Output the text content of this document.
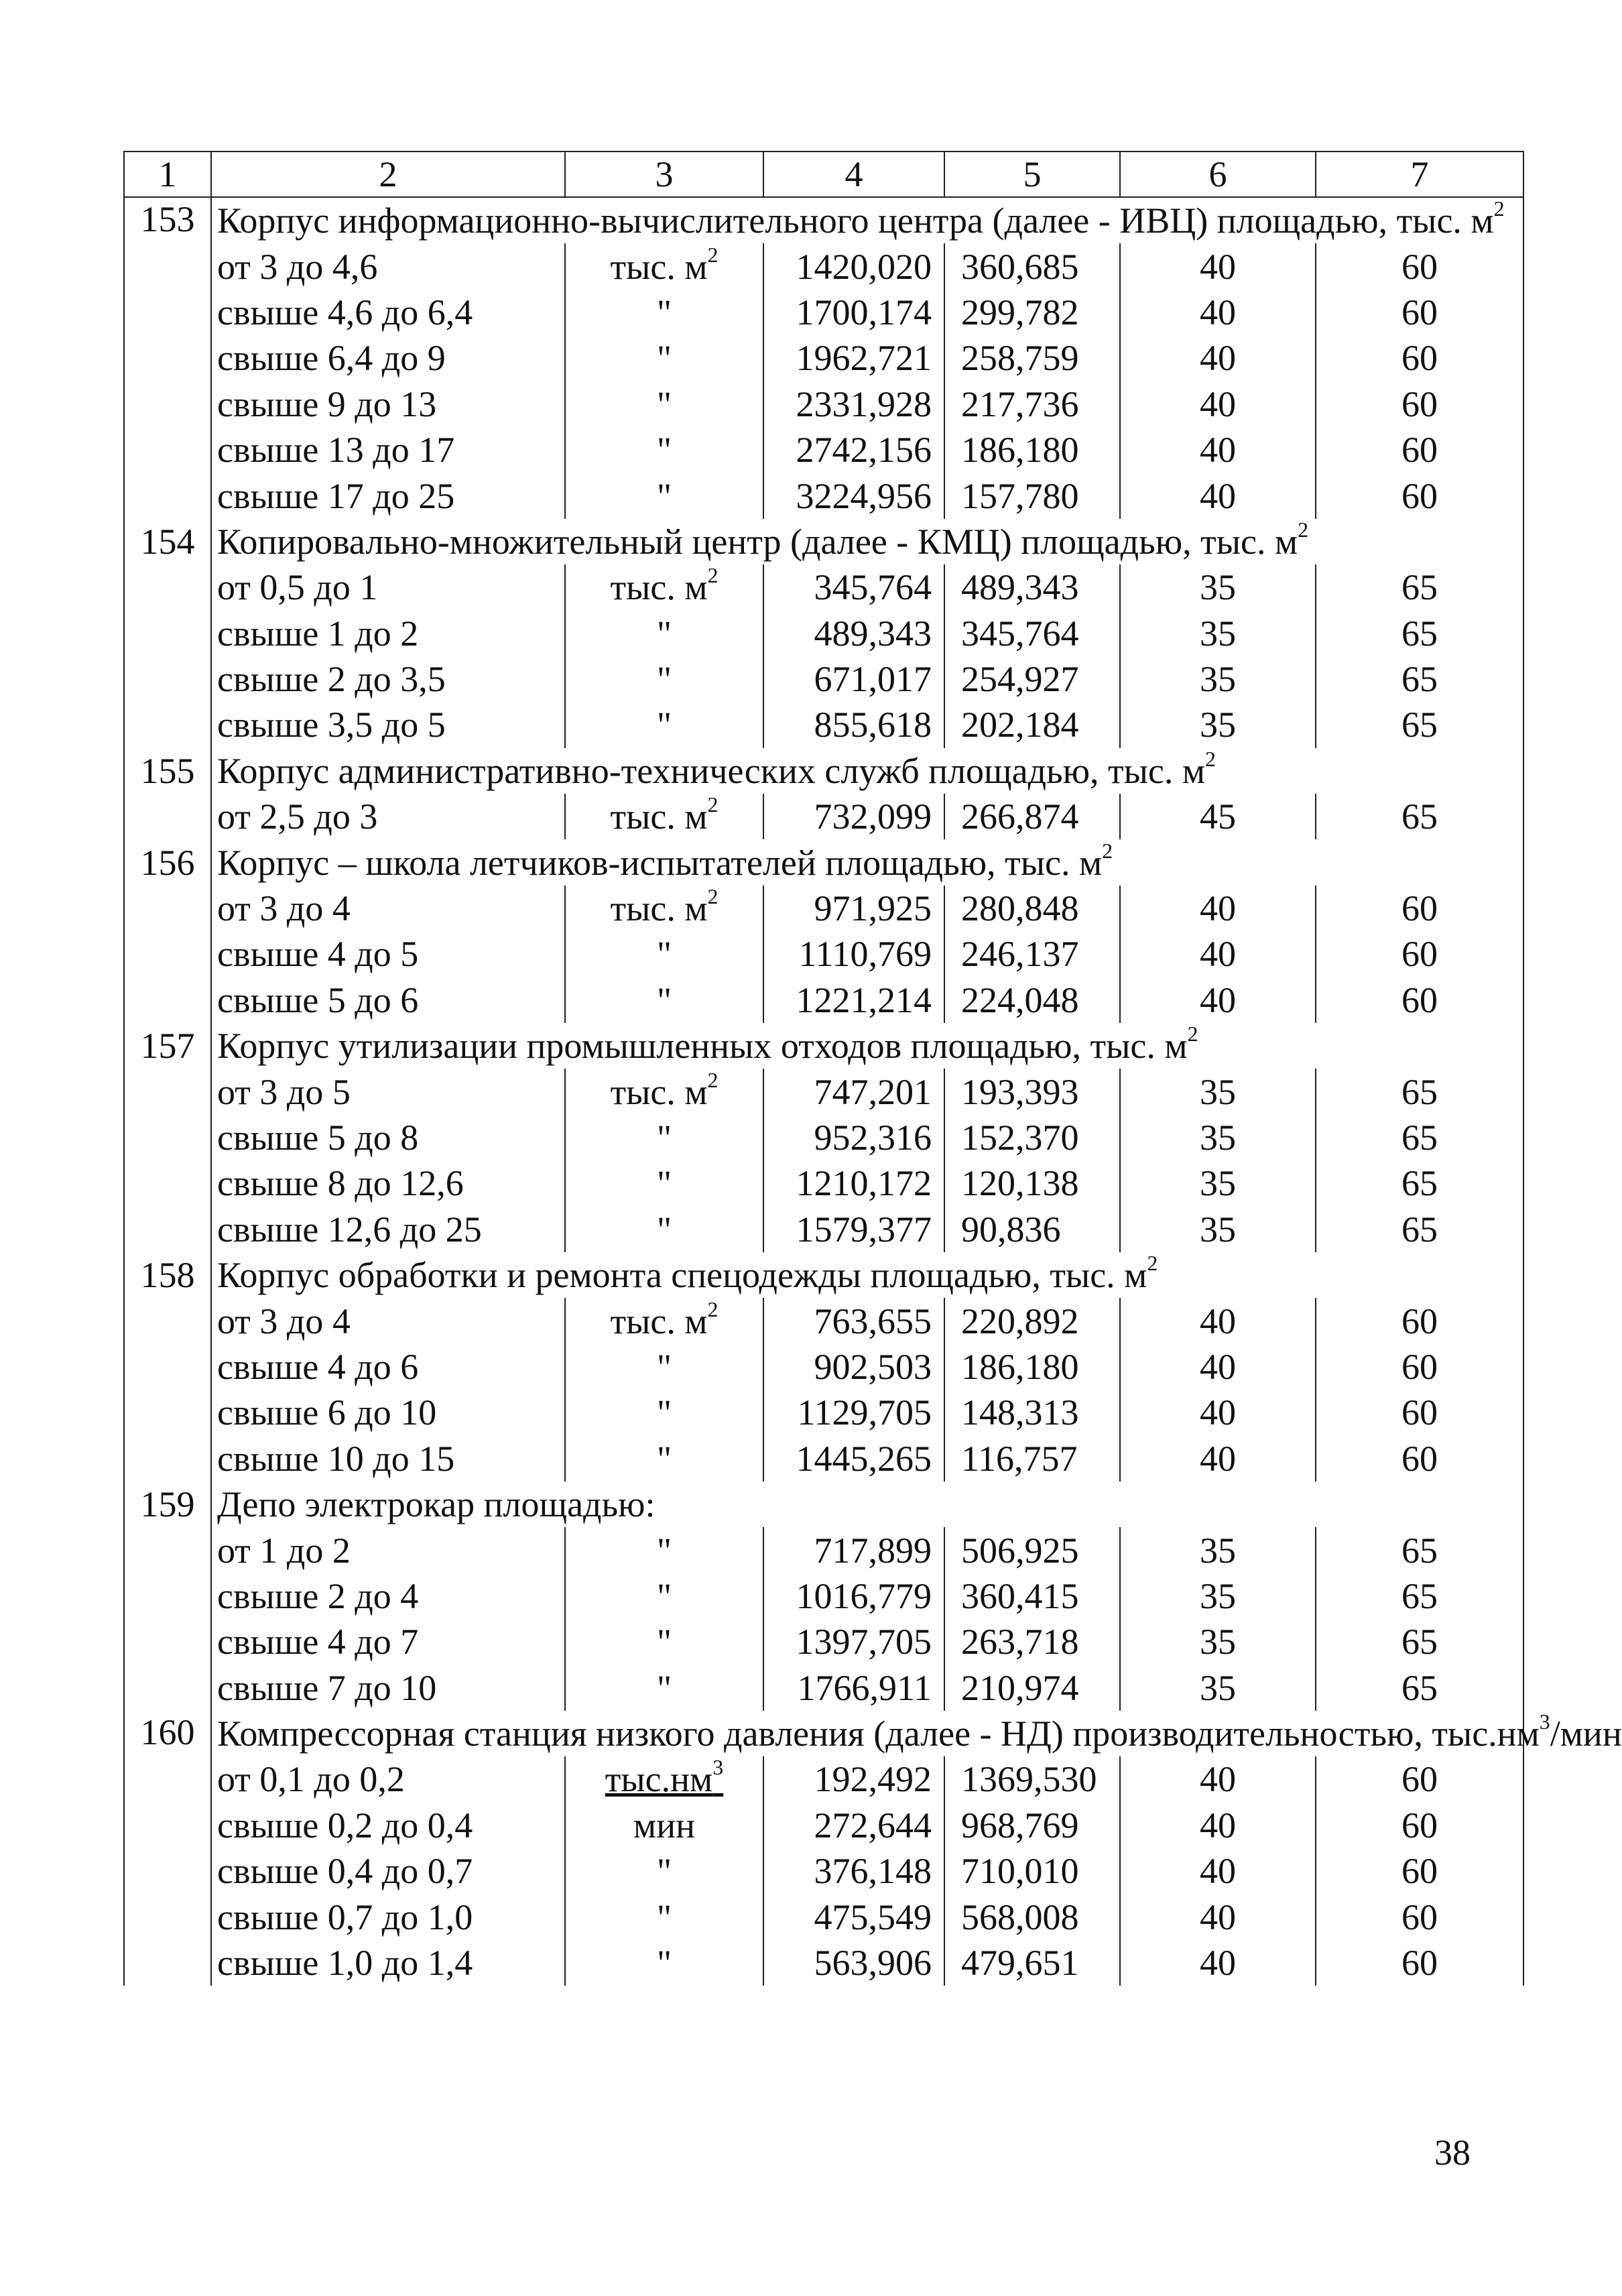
1	2	3	4	5	6	7
153	Корпус информационно-вычислительного центра (далее - ИВЦ) площадью, тыс. $м^2$
	от 3 до 4,6	тыс. $м^2$	1420,020	360,685	40	60
	свыше 4,6 до 6,4	"	1700,174	299,782	40	60
	свыше 6,4 до 9	"	1962,721	258,759	40	60
	свыше 9 до 13	"	2331,928	217,736	40	60
	свыше 13 до 17	"	2742,156	186,180	40	60
	свыше 17 до 25	"	3224,956	157,780	40	60
154	Копировально-множительный центр (далее - КМЦ) площадью, тыс. $м^2$
	от 0,5 до 1	тыс. $м^2$	345,764	489,343	35	65
	свыше 1 до 2	"	489,343	345,764	35	65
	свыше 2 до 3,5	"	671,017	254,927	35	65
	свыше 3,5 до 5	"	855,618	202,184	35	65
155	Корпус административно-технических служб площадью, тыс. $м^2$
	от 2,5 до 3	тыс. $м^2$	732,099	266,874	45	65
156	Корпус – школа летчиков-испытателей площадью, тыс. $м^2$
	от 3 до 4	тыс. $м^2$	971,925	280,848	40	60
	свыше 4 до 5	"	1110,769	246,137	40	60
	свыше 5 до 6	"	1221,214	224,048	40	60
157	Корпус утилизации промышленных отходов площадью, тыс. $м^2$
	от 3 до 5	тыс. $м^2$	747,201	193,393	35	65
	свыше 5 до 8	"	952,316	152,370	35	65
	свыше 8 до 12,6	"	1210,172	120,138	35	65
	свыше 12,6 до 25	"	1579,377	90,836	35	65
158	Корпус обработки и ремонта спецодежды площадью, тыс. $м^2$
	от 3 до 4	тыс. $м^2$	763,655	220,892	40	60
	свыше 4 до 6	"	902,503	186,180	40	60
	свыше 6 до 10	"	1129,705	148,313	40	60
	свыше 10 до 15	"	1445,265	116,757	40	60
159	Депо электрокар площадью:					
	от 1 до 2	"	717,899	506,925	35	65
	свыше 2 до 4	"	1016,779	360,415	35	65
	свыше 4 до 7	"	1397,705	263,718	35	65
	свыше 7 до 10	"	1766,911	210,974	35	65
160	Компрессорная станция низкого давления (далее - НД) производительностью, $тыс.нм^3$/мин					
	от 0,1 до 0,2	$тыс.нм^3$	192,492	1369,530	40	60
	свыше 0,2 до 0,4	мин	272,644	968,769	40	60
	свыше 0,4 до 0,7	"	376,148	710,010	40	60
	свыше 0,7 до 1,0	"	475,549	568,008	40	60
	свыше 1,0 до 1,4	"	563,906	479,651	40	60
38
